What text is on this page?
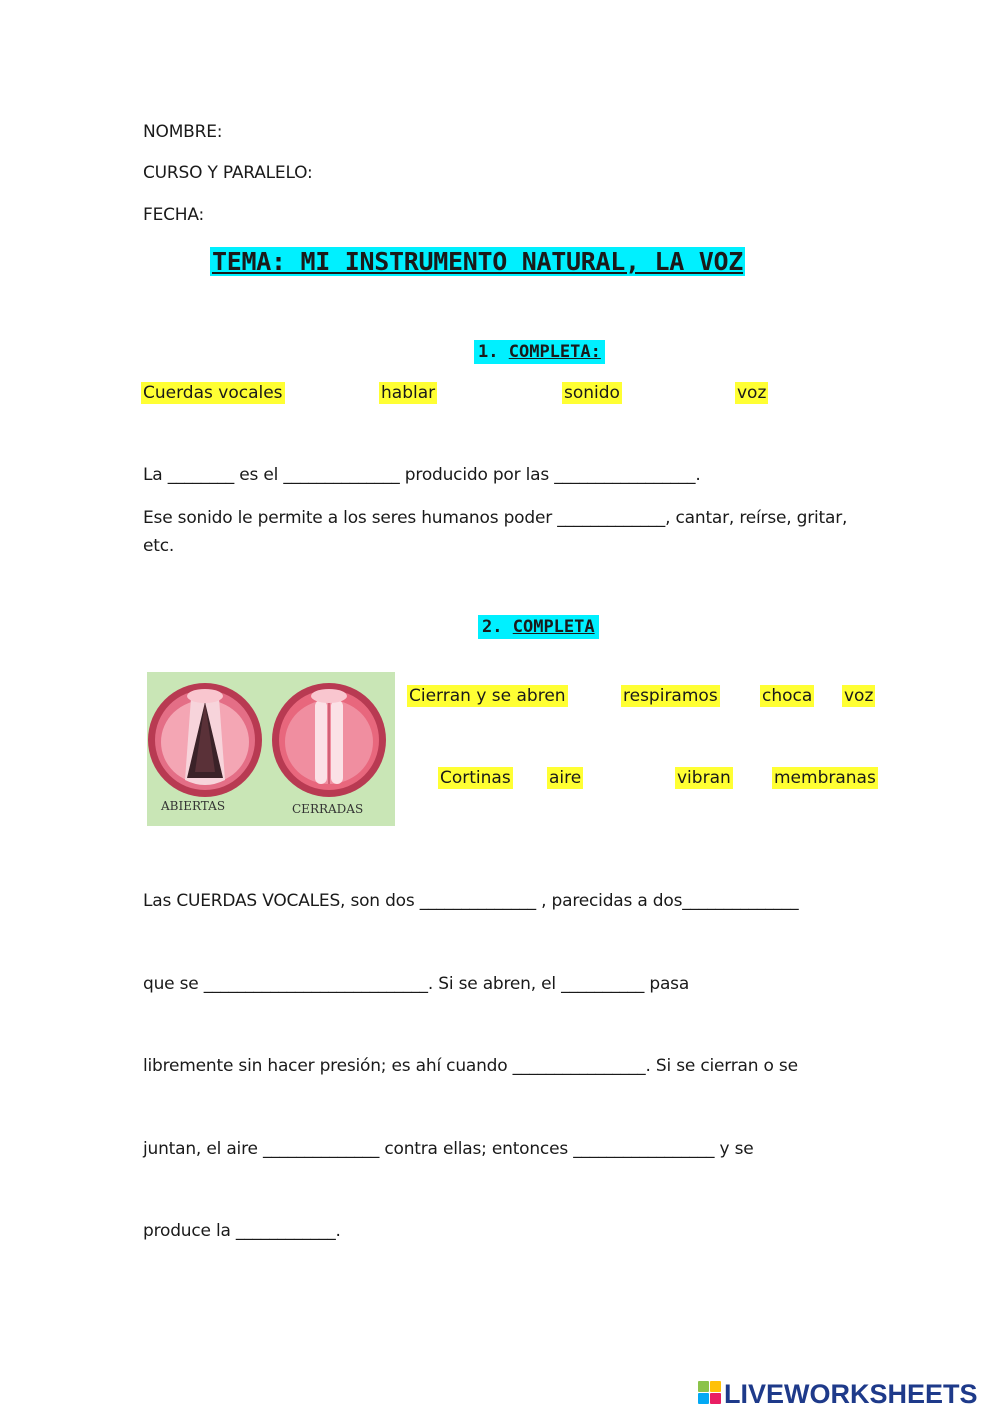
NOMBRE:
CURSO Y PARALELO:
FECHA:
TEMA: MI INSTRUMENTO NATURAL, LA VOZ
1. COMPLETA:
Cuerdas vocales	hablar	sonido	voz
La ________ es el ______________ producido por las _________________.
Ese sonido le permite a los seres humanos poder _____________, cantar, reírse, gritar,
etc.
2. COMPLETA
ABIERTAS	CERRADAS
Cierran y se abren	respiramos	choca voz
Cortinas aire	vibran	membranas
Las CUERDAS VOCALES, son dos ______________ , parecidas a dos______________
que se ___________________________. Si se abren, el __________ pasa
libremente sin hacer presión; es ahí cuando ________________. Si se cierran o se
juntan, el aire ______________ contra ellas; entonces _________________ y se
produce la ____________.
LIVEWORKSHEETS
